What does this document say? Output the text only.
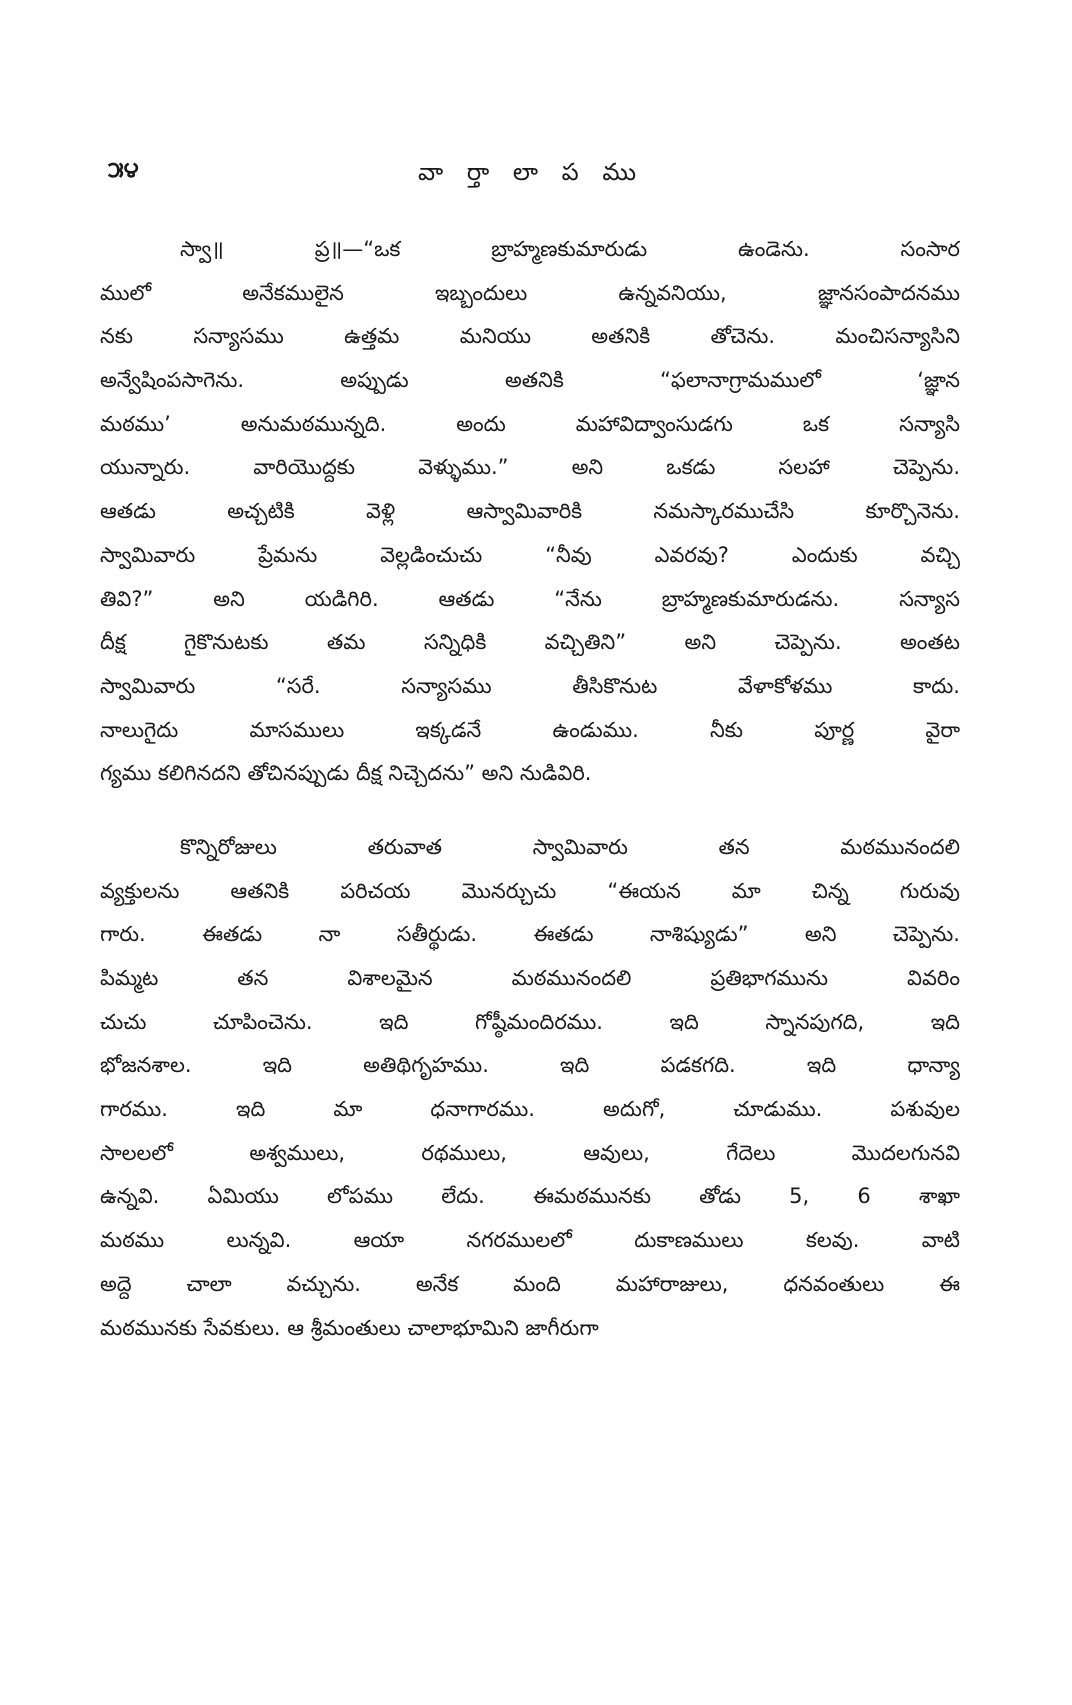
౫౪	వా ర్తా లా ప ము
స్వా॥ ప్ర॥—“ఒక బ్రాహ్మణకుమారుడు ఉండెను. సంసార
ములో అనేకములైన ఇబ్బందులు ఉన్నవనియు, జ్ఞానసంపాదనము
నకు సన్యాసము ఉత్తమ మనియు అతనికి తోచెను. మంచిసన్యాసిని
అన్వేషింపసాగెను. అప్పుడు అతనికి “ఫలానాగ్రామములో ‘జ్ఞాన
మఠము’ అనుమఠమున్నది. అందు మహావిద్వాంసుడగు ఒక సన్యాసి
యున్నారు. వారియొద్దకు వెళ్ళుము.” అని ఒకడు సలహా చెప్పెను.
ఆతడు అచ్చటికి వెళ్లి ఆస్వామివారికి నమస్కారముచేసి కూర్చొనెను.
స్వామివారు ప్రేమను వెల్లడించుచు “నీవు ఎవరవు? ఎందుకు వచ్చి
తివి?” అని యడిగిరి. ఆతడు “నేను బ్రాహ్మణకుమారుడను. సన్యాస
దీక్ష గైకొనుటకు తమ సన్నిధికి వచ్చితిని” అని చెప్పెను. అంతట
స్వామివారు “సరే. సన్యాసము తీసికొనుట వేళాకోళము కాదు.
నాలుగైదు మాసములు ఇక్కడనే ఉండుము. నీకు పూర్ణ వైరా
గ్యము కలిగినదని తోచినప్పుడు దీక్ష నిచ్చెదను” అని నుడివిరి.
కొన్నిరోజులు తరువాత స్వామివారు తన మఠమునందలి
వ్యక్తులను ఆతనికి పరిచయ మొనర్చుచు “ఈయన మా చిన్న గురువు
గారు. ఈతడు నా సతీర్థుడు. ఈతడు నాశిష్యుడు” అని చెప్పెను.
పిమ్మట తన విశాలమైన మఠమునందలి ప్రతిభాగమును వివరిం
చుచు చూపించెను. ఇది గోష్ఠీమందిరము. ఇది స్నానపుగది, ఇది
భోజనశాల. ఇది అతిథిగృహము. ఇది పడకగది. ఇది ధాన్యా
గారము. ఇది మా ధనాగారము. అదుగో, చూడుము. పశువుల
సాలలలో అశ్వములు, రథములు, ఆవులు, గేదెలు మొదలగునవి
ఉన్నవి. ఏమియు లోపము లేదు. ఈమఠమునకు తోడు 5, 6 శాఖా
మఠము లున్నవి. ఆయా నగరములలో దుకాణములు కలవు. వాటి
అద్దె చాలా వచ్చును. అనేక మంది మహారాజులు, ధనవంతులు ఈ
మఠమునకు సేవకులు. ఆ శ్రీమంతులు చాలాభూమిని జాగీరుగా
